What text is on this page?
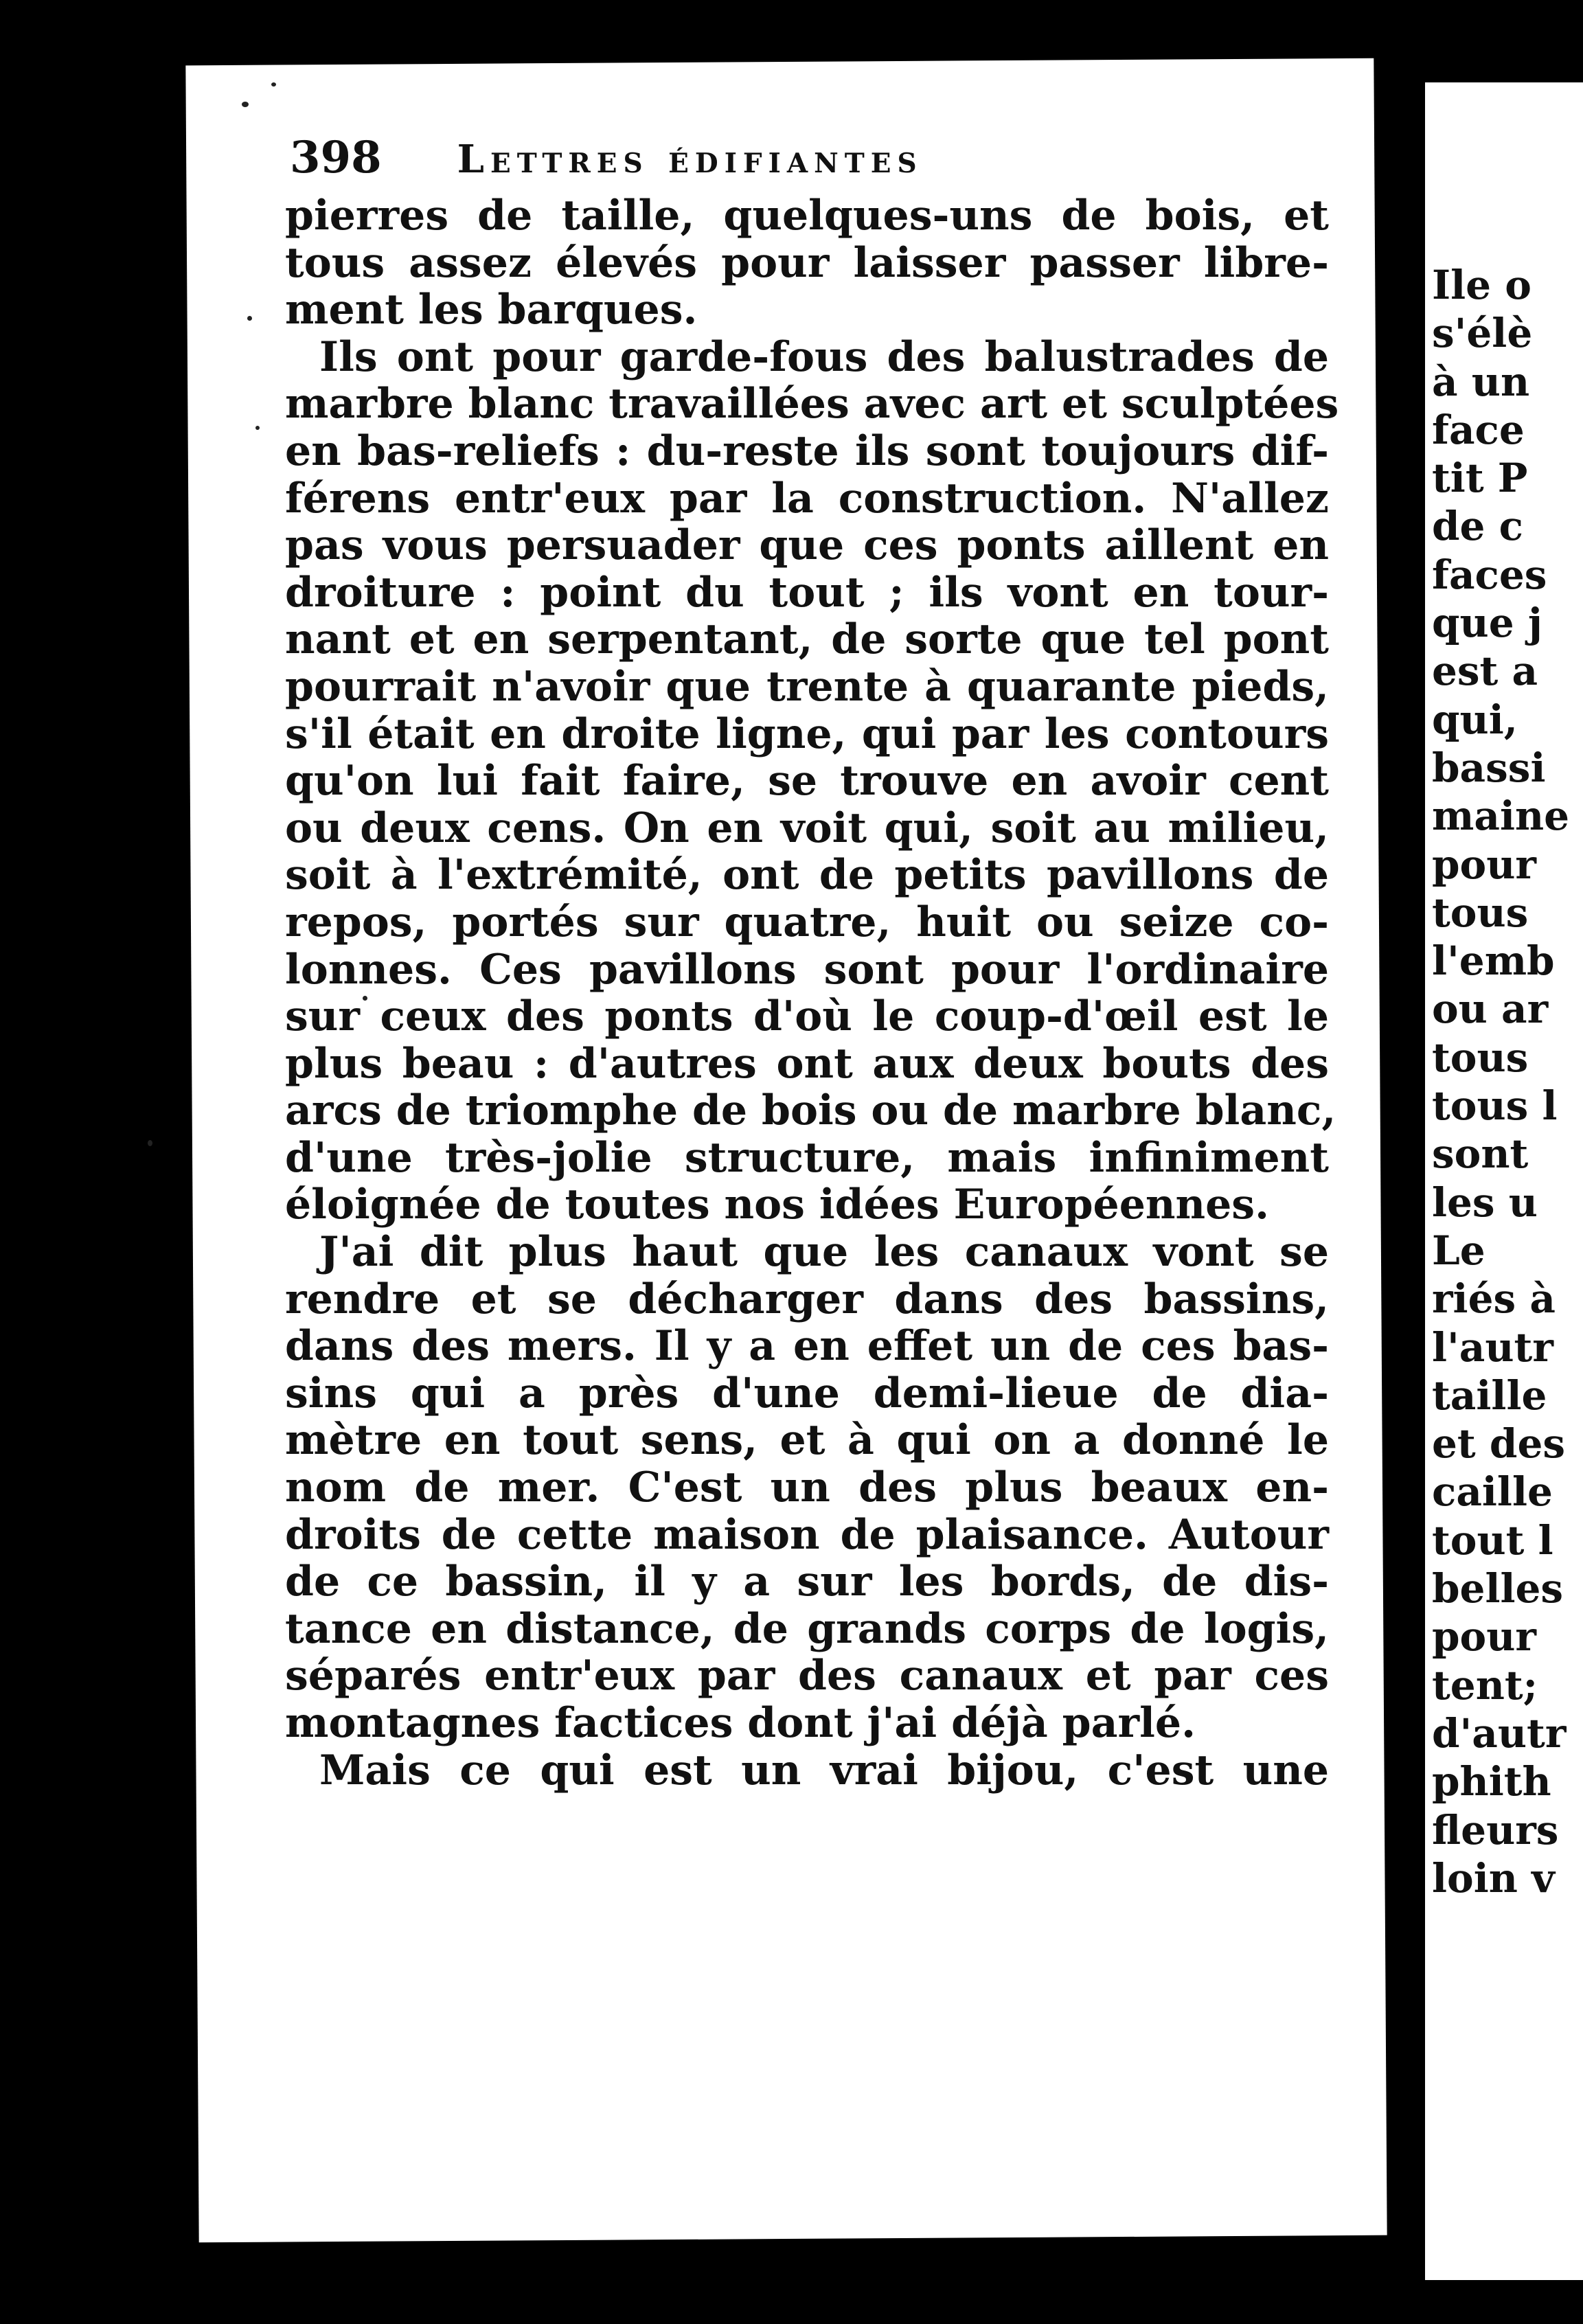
398 Lettres édifiantes
pierres de taille, quelques-uns de bois, et
tous assez élevés pour laisser passer libre-
ment les barques.
Ils ont pour garde-fous des balustrades de
marbre blanc travaillées avec art et sculptées
en bas-reliefs : du-reste ils sont toujours dif-
férens entr'eux par la construction. N'allez
pas vous persuader que ces ponts aillent en
droiture : point du tout ; ils vont en tour-
nant et en serpentant, de sorte que tel pont
pourrait n'avoir que trente à quarante pieds,
s'il était en droite ligne, qui par les contours
qu'on lui fait faire, se trouve en avoir cent
ou deux cens. On en voit qui, soit au milieu,
soit à l'extrémité, ont de petits pavillons de
repos, portés sur quatre, huit ou seize co-
lonnes. Ces pavillons sont pour l'ordinaire
sur ceux des ponts d'où le coup-d'œil est le
plus beau : d'autres ont aux deux bouts des
arcs de triomphe de bois ou de marbre blanc,
d'une très-jolie structure, mais infiniment
éloignée de toutes nos idées Européennes.
J'ai dit plus haut que les canaux vont se
rendre et se décharger dans des bassins,
dans des mers. Il y a en effet un de ces bas-
sins qui a près d'une demi-lieue de dia-
mètre en tout sens, et à qui on a donné le
nom de mer. C'est un des plus beaux en-
droits de cette maison de plaisance. Autour
de ce bassin, il y a sur les bords, de dis-
tance en distance, de grands corps de logis,
séparés entr'eux par des canaux et par ces
montagnes factices dont j'ai déjà parlé.
Mais ce qui est un vrai bijou, c'est une
Ile o
s'élè
à un
face
tit P
de c
faces
que j
est a
qui,
bassi
maine
pour
tous
l'emb
ou ar
tous
tous l
sont
les u
Le
riés à
l'autr
taille
et des
caille
tout l
belles
pour
tent;
d'autr
phith
fleurs
loin v
